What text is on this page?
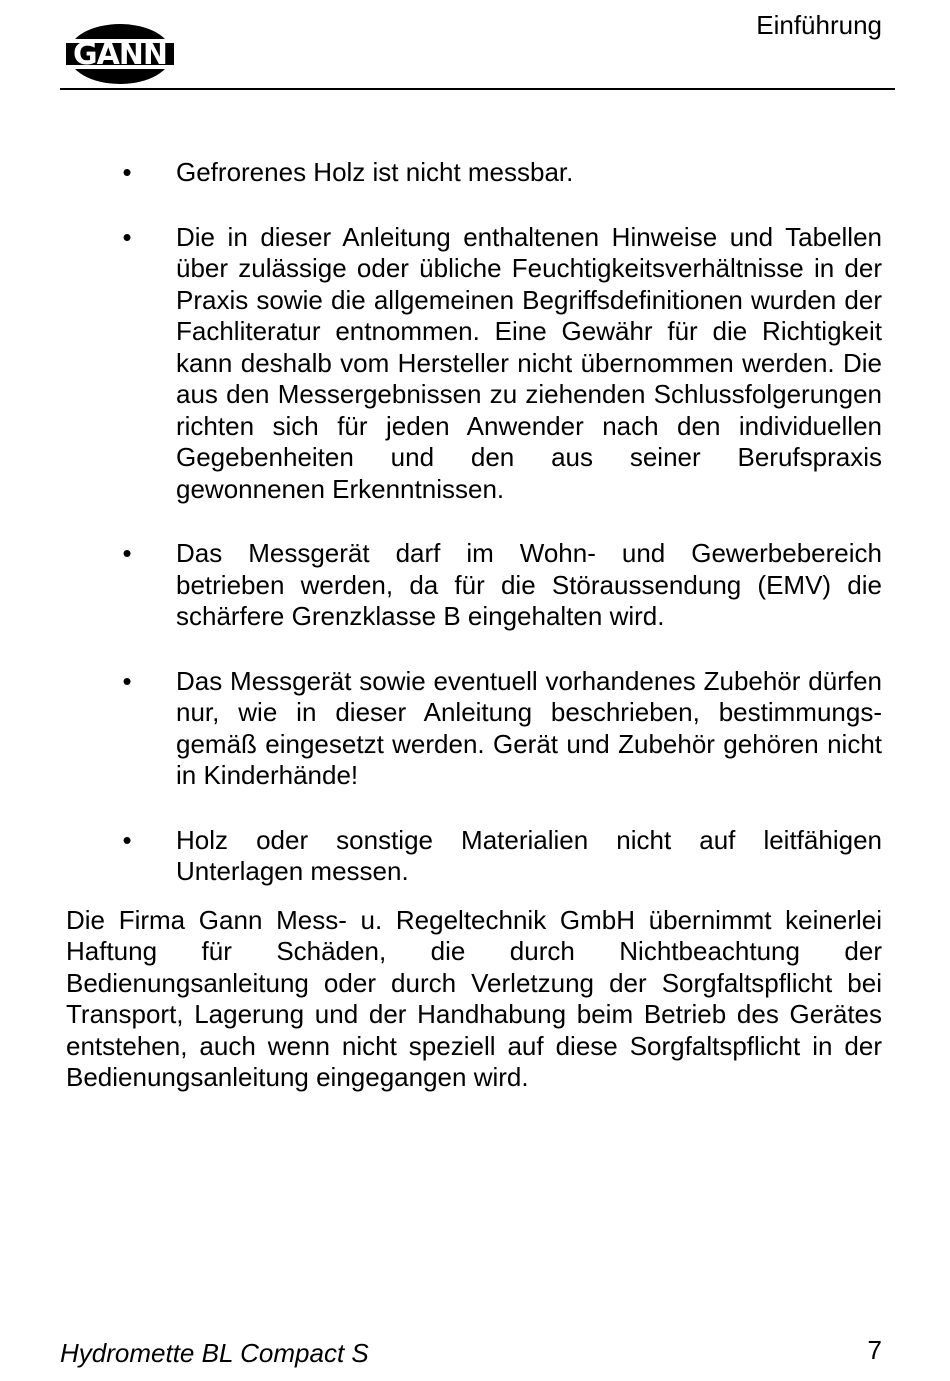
GANN
Einführung
• Gefrorenes Holz ist nicht messbar.
• Die in dieser Anleitung enthaltenen Hinweise und Tabellen über zulässige oder übliche Feuchtigkeitsverhältnisse in der Praxis sowie die allgemeinen Begriffsdefinitionen wurden der Fachliteratur entnommen. Eine Gewähr für die Richtigkeit kann deshalb vom Hersteller nicht übernommen werden. Die aus den Messergebnissen zu ziehenden Schlussfolgerungen richten sich für jeden Anwender nach den individuellen Gegebenheiten und den aus seiner Berufspraxis gewonnenen Erkenntnissen.
• Das Messgerät darf im Wohn- und Gewerbebereich betrieben werden, da für die Störaussendung (EMV) die schärfere Grenzklasse B eingehalten wird.
• Das Messgerät sowie eventuell vorhandenes Zubehör dürfen nur, wie in dieser Anleitung beschrieben, bestimmungs-gemäß eingesetzt werden. Gerät und Zubehör gehören nicht in Kinderhände!
• Holz oder sonstige Materialien nicht auf leitfähigen Unterlagen messen.

Die Firma Gann Mess- u. Regeltechnik GmbH übernimmt keinerlei Haftung für Schäden, die durch Nichtbeachtung der Bedienungsanleitung oder durch Verletzung der Sorgfaltspflicht bei Transport, Lagerung und der Handhabung beim Betrieb des Gerätes entstehen, auch wenn nicht speziell auf diese Sorgfaltspflicht in der Bedienungsanleitung eingegangen wird.

Hydromette BL Compact S	7
